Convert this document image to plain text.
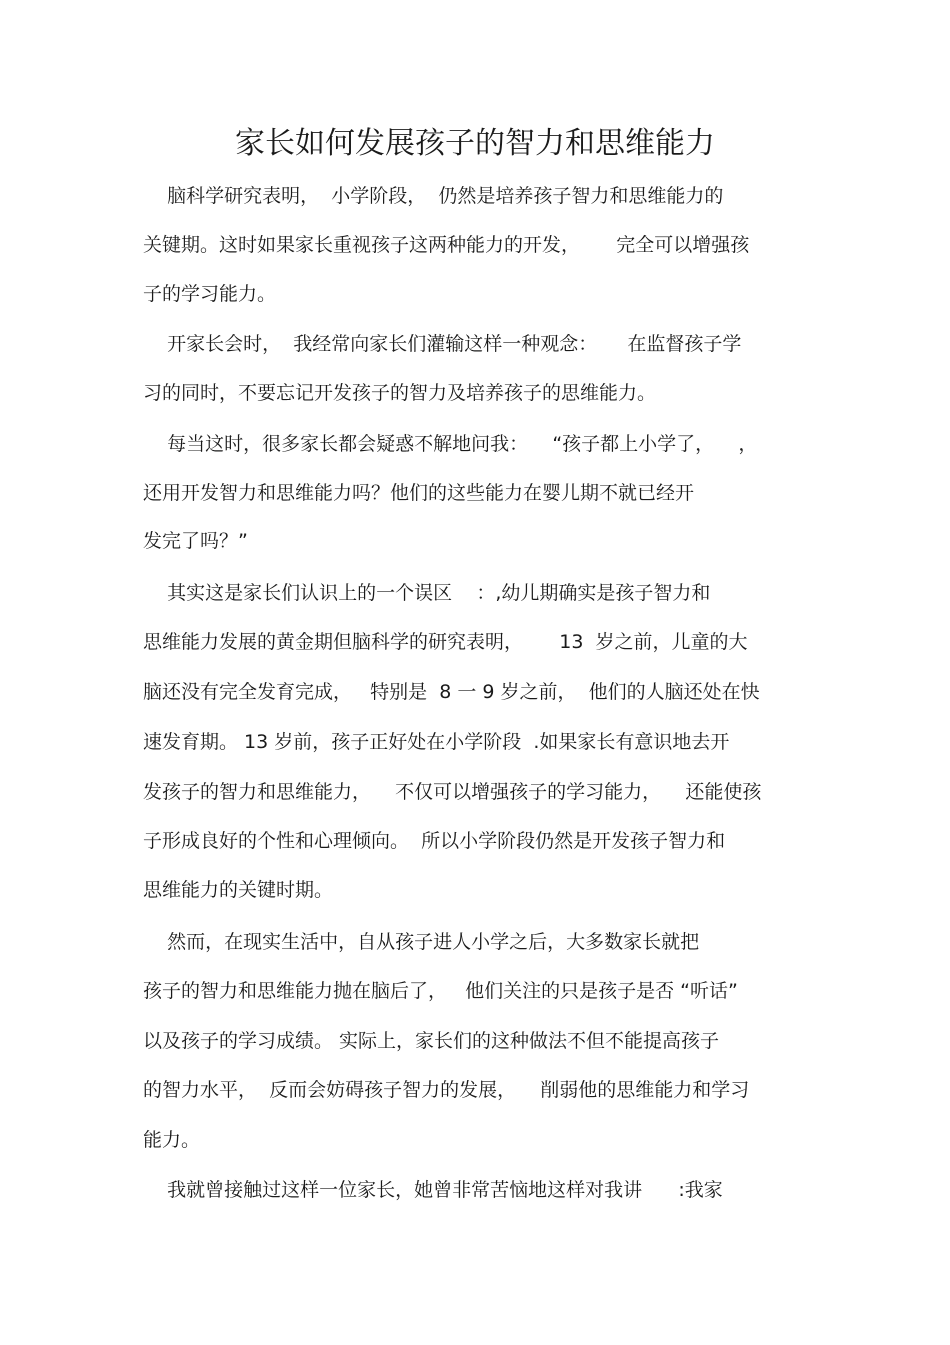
家长如何发展孩子的智力和思维能力
脑科学研究表明，  小学阶段，  仍然是培养孩子智力和思维能力的
关键期。这时如果家长重视孩子这两种能力的开发，      完全可以增强孩
子的学习能力。
开家长会时，  我经常向家长们灌输这样一种观念：     在监督孩子学
习的同时，不要忘记开发孩子的智力及培养孩子的思维能力。
每当这时，很多家长都会疑惑不解地问我：    “孩子都上小学了，    ，
还用开发智力和思维能力吗？他们的这些能力在婴儿期不就已经开
发完了吗？”
其实这是家长们认识上的一个误区    ：,幼儿期确实是孩子智力和
思维能力发展的黄金期但脑科学的研究表明，      13  岁之前，儿童的大
脑还没有完全发育完成，   特别是  8 一 9 岁之前，  他们的人脑还处在快
速发育期。 13 岁前，孩子正好处在小学阶段  .如果家长有意识地去开
发孩子的智力和思维能力，    不仅可以增强孩子的学习能力，    还能使孩
子形成良好的个性和心理倾向。  所以小学阶段仍然是开发孩子智力和
思维能力的关键时期。
然而，在现实生活中，自从孩子进人小学之后，大多数家长就把
孩子的智力和思维能力抛在脑后了，   他们关注的只是孩子是否 “听话”
以及孩子的学习成绩。 实际上，家长们的这种做法不但不能提高孩子
的智力水平，  反而会妨碍孩子智力的发展，    削弱他的思维能力和学习
能力。
我就曾接触过这样一位家长，她曾非常苦恼地这样对我讲      :我家
